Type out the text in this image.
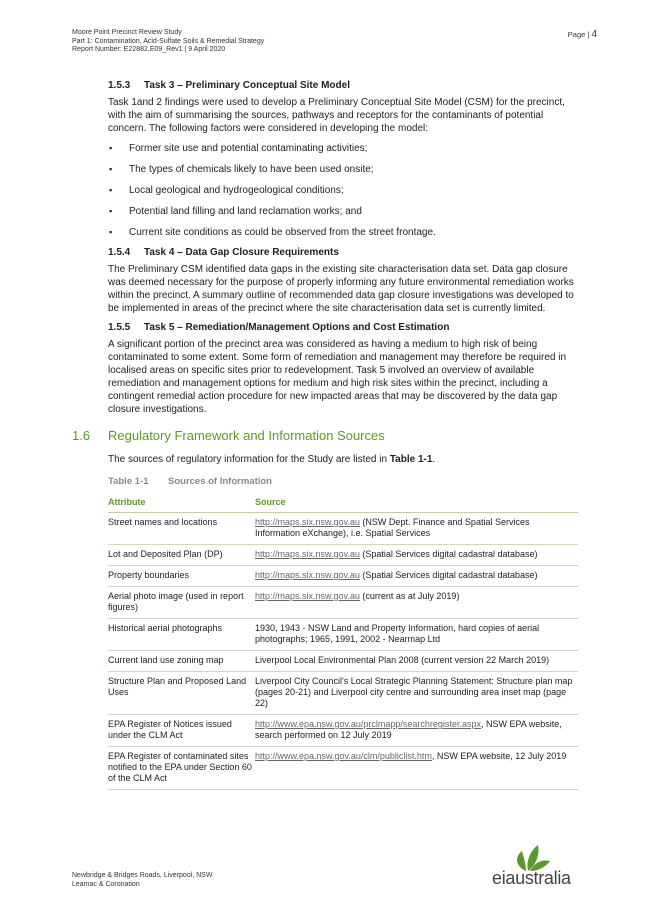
Moore Point Precinct Review Study
Part 1: Contamination, Acid-Sulfate Soils & Remedial Strategy
Report Number: E22882.E09_Rev1 | 9 April 2020
Page | 4
1.5.3 Task 3 – Preliminary Conceptual Site Model

Task 1and 2 findings were used to develop a Preliminary Conceptual Site Model (CSM) for the precinct, with the aim of summarising the sources, pathways and receptors for the contaminants of potential concern. The following factors were considered in developing the model:

▪ Former site use and potential contaminating activities;
▪ The types of chemicals likely to have been used onsite;
▪ Local geological and hydrogeological conditions;
▪ Potential land filling and land reclamation works; and
▪ Current site conditions as could be observed from the street frontage.
1.5.4 Task 4 – Data Gap Closure Requirements

The Preliminary CSM identified data gaps in the existing site characterisation data set. Data gap closure was deemed necessary for the purpose of properly informing any future environmental remediation works within the precinct. A summary outline of recommended data gap closure investigations was developed to be implemented in areas of the precinct where the site characterisation data set is currently limited.

1.5.5 Task 5 – Remediation/Management Options and Cost Estimation

A significant portion of the precinct area was considered as having a medium to high risk of being contaminated to some extent. Some form of remediation and management may therefore be required in localised areas on specific sites prior to redevelopment. Task 5 involved an overview of available remediation and management options for medium and high risk sites within the precinct, including a contingent remedial action procedure for new impacted areas that may be discovered by the data gap closure investigations.

1.6 Regulatory Framework and Information Sources

The sources of regulatory information for the Study are listed in Table 1-1.

Table 1-1 Sources of Information
Attribute	Source
Street names and locations	http://maps.six.nsw.gov.au (NSW Dept. Finance and Spatial Services Information eXchange), i.e. Spatial Services
Lot and Deposited Plan (DP)	http://maps.six.nsw.gov.au (Spatial Services digital cadastral database)
Property boundaries	http://maps.six.nsw.gov.au (Spatial Services digital cadastral database)
Aerial photo image (used in report figures)	http://maps.six.nsw.gov.au (current as at July 2019)
Historical aerial photographs	1930, 1943 - NSW Land and Property Information, hard copies of aerial photographs; 1965, 1991, 2002 - Nearmap Ltd
Current land use zoning map	Liverpool Local Environmental Plan 2008 (current version 22 March 2019)
Structure Plan and Proposed Land Uses	Liverpool City Council's Local Strategic Planning Statement: Structure plan map (pages 20-21) and Liverpool city centre and surrounding area inset map (page 22)
EPA Register of Notices issued under the CLM Act	http://www.epa.nsw.gov.au/prclmapp/searchregister.aspx, NSW EPA website, search performed on 12 July 2019
EPA Register of contaminated sites notified to the EPA under Section 60 of the CLM Act	http://www.epa.nsw.gov.au/clm/publiclist.htm, NSW EPA website, 12 July 2019
Newbridge & Bridges Roads, Liverpool, NSW
Leamac & Coronation	eiaustralia
